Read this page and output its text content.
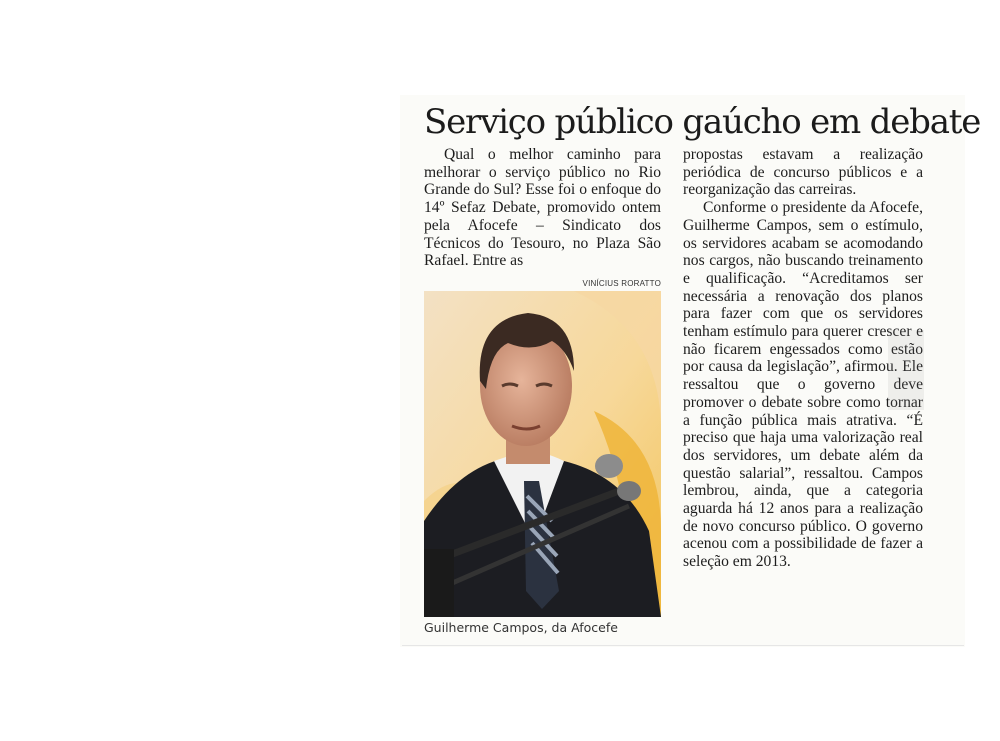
Serviço público gaúcho em debate

Qual o melhor caminho para melhorar o serviço público no Rio Grande do Sul? Esse foi o enfoque do 14º Sefaz Debate, promovido ontem pela Afocefe – Sindicato dos Técnicos do Tesouro, no Plaza São Rafael. Entre as

VINÍCIUS RORATTO
Guilherme Campos, da Afocefe

propostas estavam a realização periódica de concurso públicos e a reorganização das carreiras.

Conforme o presidente da Afocefe, Guilherme Campos, sem o estímulo, os servidores acabam se acomodando nos cargos, não buscando treinamento e qualificação. “Acreditamos ser necessária a renovação dos planos para fazer com que os servidores tenham estímulo para querer crescer e não ficarem engessados como estão por causa da legislação”, afirmou. Ele ressaltou que o governo deve promover o debate sobre como tornar a função pública mais atrativa. “É preciso que haja uma valorização real dos servidores, um debate além da questão salarial”, ressaltou. Campos lembrou, ainda, que a categoria aguarda há 12 anos para a realização de novo concurso público. O governo acenou com a possibilidade de fazer a seleção em 2013.
